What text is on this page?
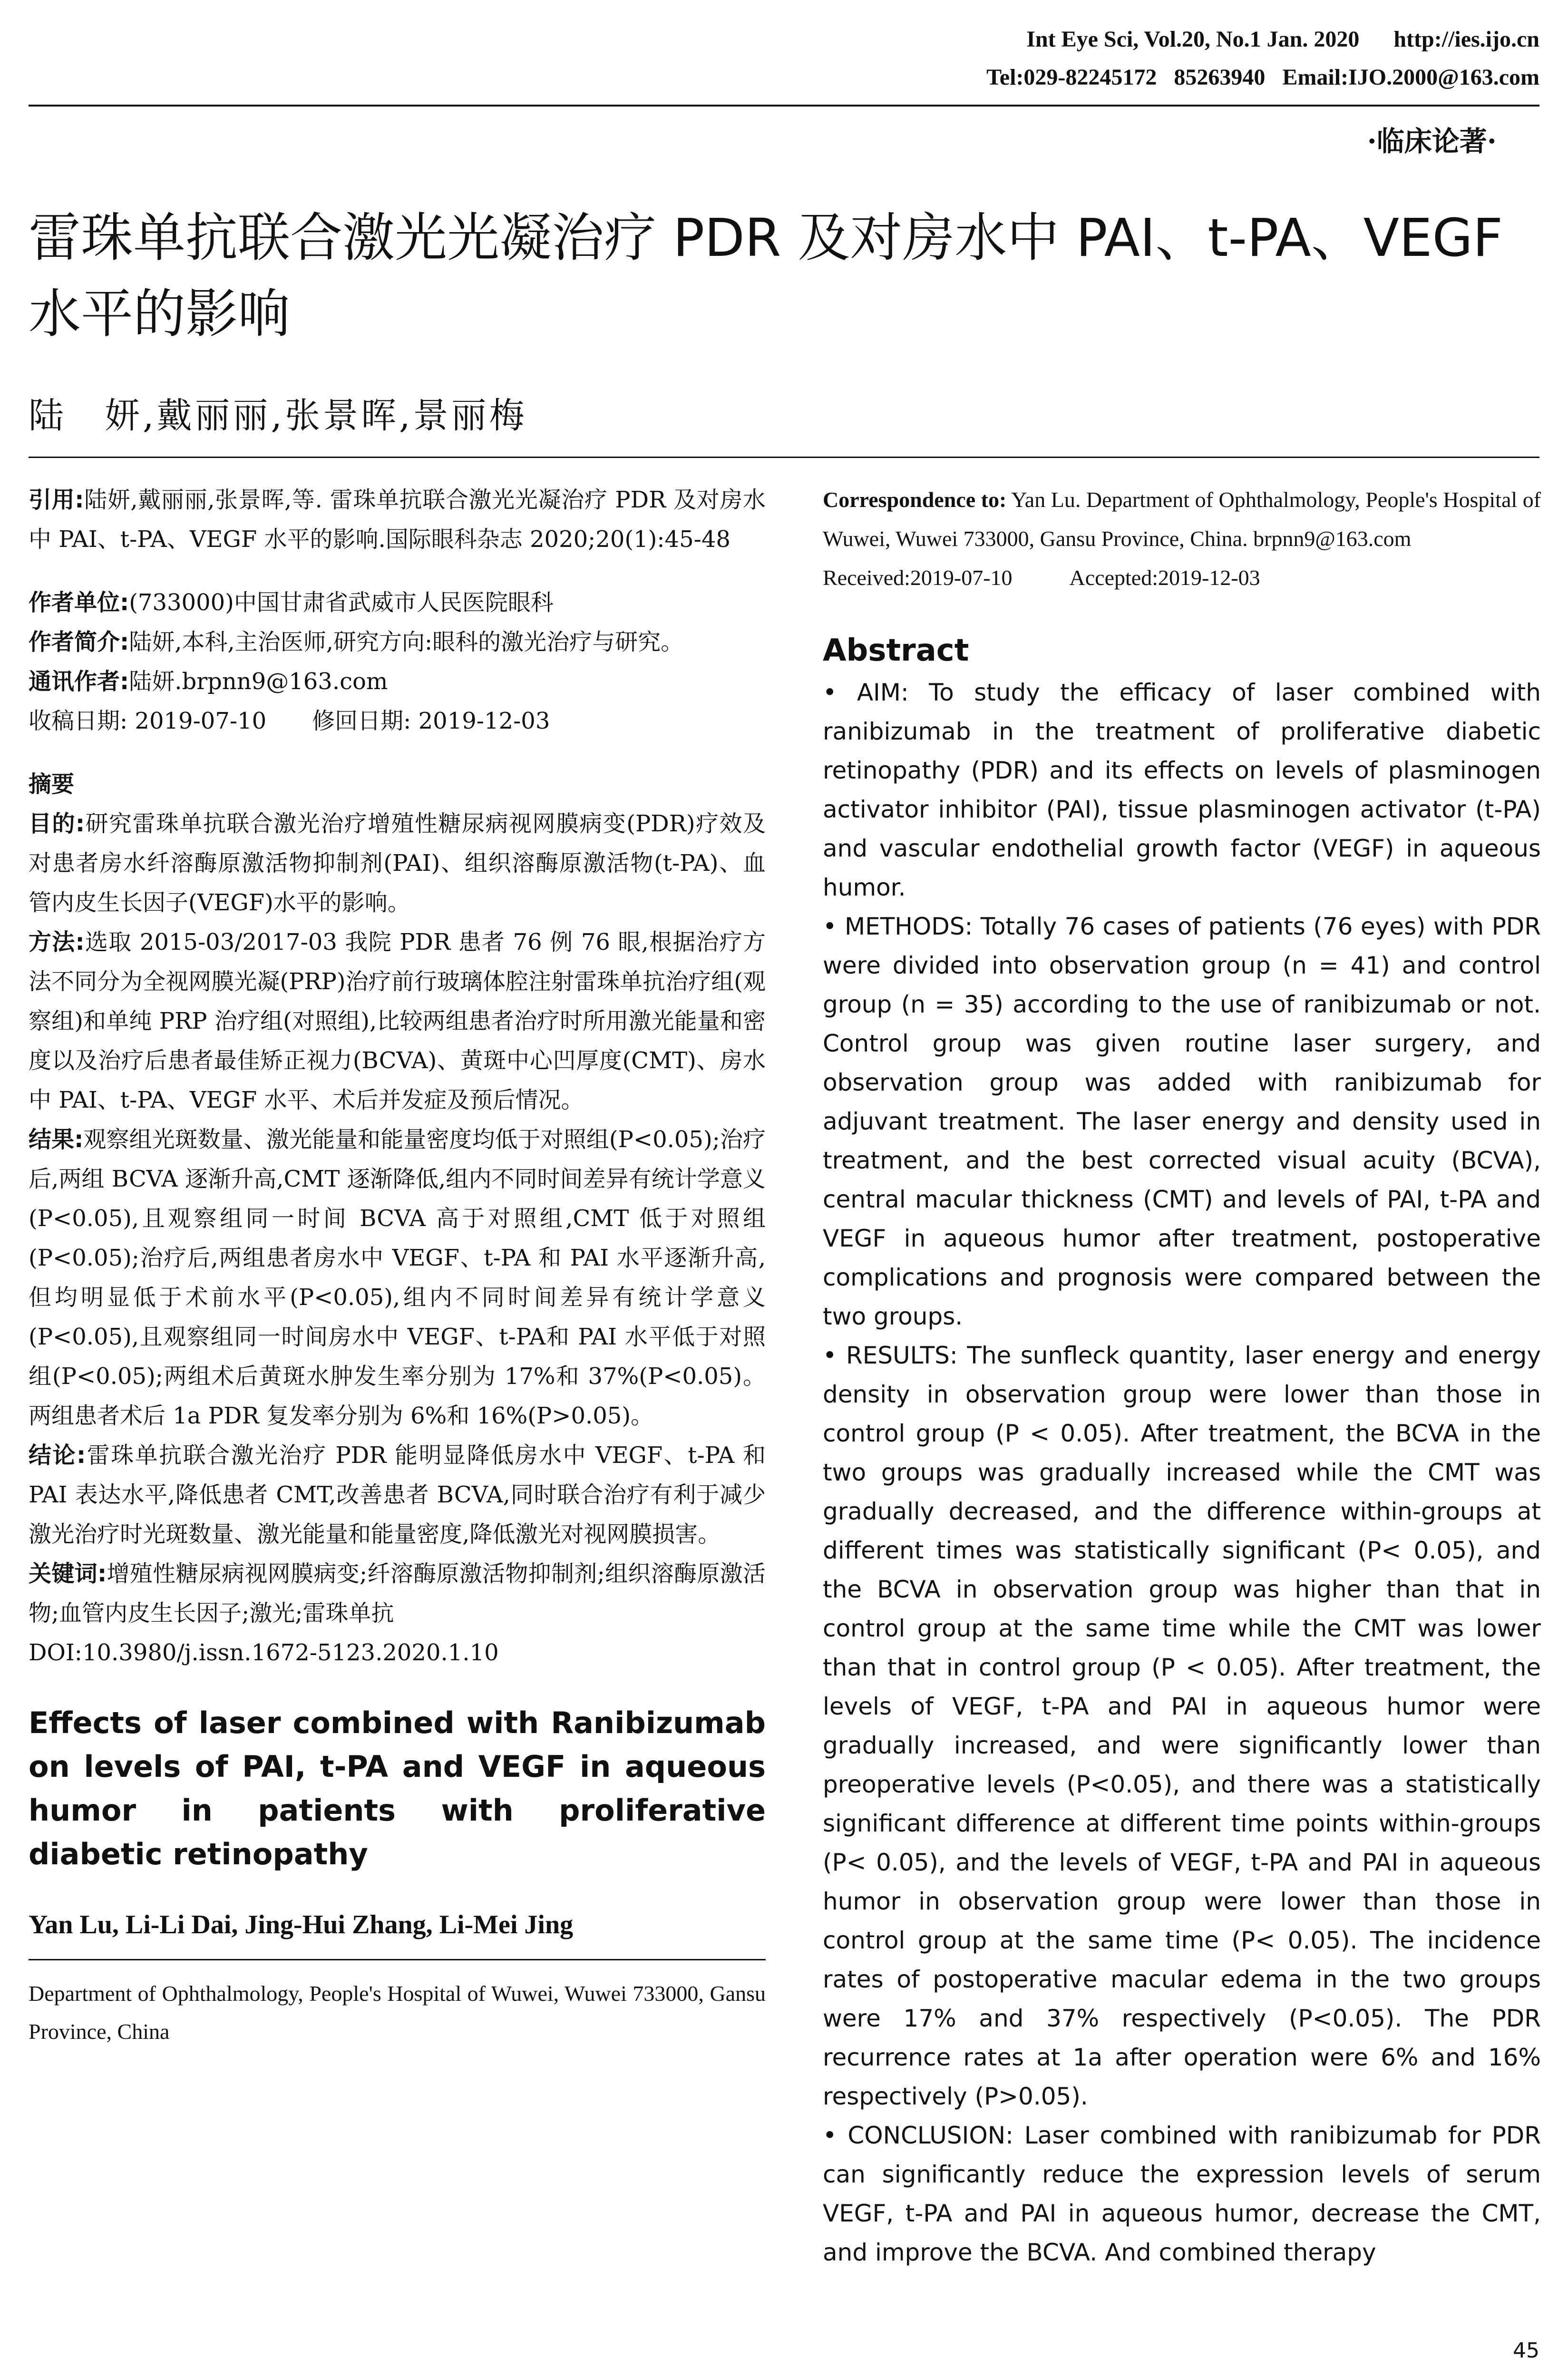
Int Eye Sci, Vol.20, No.1 Jan. 2020      http://ies.ijo.cn
Tel:029-82245172   85263940   Email:IJO.2000@163.com
·临床论著·
雷珠单抗联合激光光凝治疗 PDR 及对房水中 PAI、t-PA、VEGF 水平的影响
陆　妍,戴丽丽,张景晖,景丽梅
引用:陆妍,戴丽丽,张景晖,等. 雷珠单抗联合激光光凝治疗 PDR 及对房水中 PAI、t-PA、VEGF 水平的影响.国际眼科杂志 2020;20(1):45-48
作者单位:(733000)中国甘肃省武威市人民医院眼科
作者简介:陆妍,本科,主治医师,研究方向:眼科的激光治疗与研究。
通讯作者:陆妍.brpnn9@163.com
收稿日期: 2019-07-10　　修回日期: 2019-12-03
摘要
目的:研究雷珠单抗联合激光治疗增殖性糖尿病视网膜病变(PDR)疗效及对患者房水纤溶酶原激活物抑制剂(PAI)、组织溶酶原激活物(t-PA)、血管内皮生长因子(VEGF)水平的影响。
方法:选取 2015-03/2017-03 我院 PDR 患者 76 例 76 眼,根据治疗方法不同分为全视网膜光凝(PRP)治疗前行玻璃体腔注射雷珠单抗治疗组(观察组)和单纯 PRP 治疗组(对照组),比较两组患者治疗时所用激光能量和密度以及治疗后患者最佳矫正视力(BCVA)、黄斑中心凹厚度(CMT)、房水中 PAI、t-PA、VEGF 水平、术后并发症及预后情况。
结果:观察组光斑数量、激光能量和能量密度均低于对照组(P<0.05);治疗后,两组 BCVA 逐渐升高,CMT 逐渐降低,组内不同时间差异有统计学意义(P<0.05),且观察组同一时间 BCVA 高于对照组,CMT 低于对照组(P<0.05);治疗后,两组患者房水中 VEGF、t-PA 和 PAI 水平逐渐升高,但均明显低于术前水平(P<0.05),组内不同时间差异有统计学意义(P<0.05),且观察组同一时间房水中 VEGF、t-PA和 PAI 水平低于对照组(P<0.05);两组术后黄斑水肿发生率分别为 17%和 37%(P<0.05)。两组患者术后 1a PDR 复发率分别为 6%和 16%(P>0.05)。
结论:雷珠单抗联合激光治疗 PDR 能明显降低房水中 VEGF、t-PA 和 PAI 表达水平,降低患者 CMT,改善患者 BCVA,同时联合治疗有利于减少激光治疗时光斑数量、激光能量和能量密度,降低激光对视网膜损害。
关键词:增殖性糖尿病视网膜病变;纤溶酶原激活物抑制剂;组织溶酶原激活物;血管内皮生长因子;激光;雷珠单抗
DOI:10.3980/j.issn.1672-5123.2020.1.10
Effects of laser combined with Ranibizumab on levels of PAI, t-PA and VEGF in aqueous humor in patients with proliferative diabetic retinopathy
Yan Lu, Li-Li Dai, Jing-Hui Zhang, Li-Mei Jing
Department of Ophthalmology, People's Hospital of Wuwei, Wuwei 733000, Gansu Province, China
Correspondence to: Yan Lu. Department of Ophthalmology, People's Hospital of Wuwei, Wuwei 733000, Gansu Province, China. brpnn9@163.com
Received:2019-07-10	Accepted:2019-12-03
Abstract

• AIM: To study the efficacy of laser combined with ranibizumab in the treatment of proliferative diabetic retinopathy (PDR) and its effects on levels of plasminogen activator inhibitor (PAI), tissue plasminogen activator (t-PA) and vascular endothelial growth factor (VEGF) in aqueous humor.

• METHODS: Totally 76 cases of patients (76 eyes) with PDR were divided into observation group (n = 41) and control group (n = 35) according to the use of ranibizumab or not. Control group was given routine laser surgery, and observation group was added with ranibizumab for adjuvant treatment. The laser energy and density used in treatment, and the best corrected visual acuity (BCVA), central macular thickness (CMT) and levels of PAI, t-PA and VEGF in aqueous humor after treatment, postoperative complications and prognosis were compared between the two groups.

• RESULTS: The sunfleck quantity, laser energy and energy density in observation group were lower than those in control group (P < 0.05). After treatment, the BCVA in the two groups was gradually increased while the CMT was gradually decreased, and the difference within-groups at different times was statistically significant (P< 0.05), and the BCVA in observation group was higher than that in control group at the same time while the CMT was lower than that in control group (P < 0.05). After treatment, the levels of VEGF, t-PA and PAI in aqueous humor were gradually increased, and were significantly lower than preoperative levels (P<0.05), and there was a statistically significant difference at different time points within-groups (P< 0.05), and the levels of VEGF, t-PA and PAI in aqueous humor in observation group were lower than those in control group at the same time (P< 0.05). The incidence rates of postoperative macular edema in the two groups were 17% and 37% respectively (P<0.05). The PDR recurrence rates at 1a after operation were 6% and 16% respectively (P>0.05).

• CONCLUSION: Laser combined with ranibizumab for PDR can significantly reduce the expression levels of serum VEGF, t-PA and PAI in aqueous humor, decrease the CMT, and improve the BCVA. And combined therapy

45
